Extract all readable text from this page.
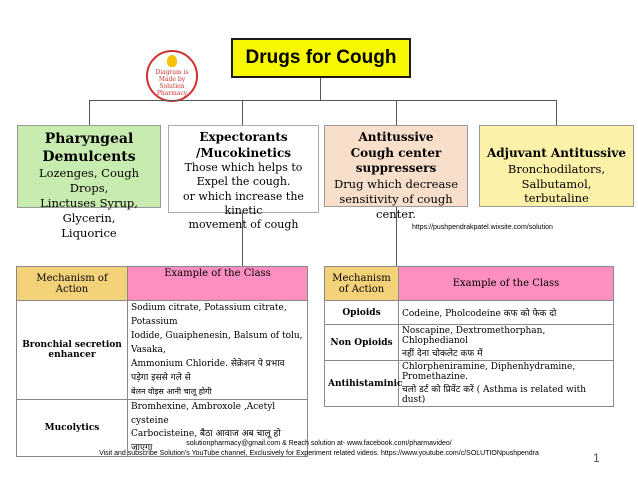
Drugs for Cough
Diagram is Made by Solution Pharmacy
Pharyngeal Demulcents
Lozenges, Cough Drops,
Linctuses Syrup, Glycerin,
Liquorice
Expectorants /Mucokinetics
Those which helps to
Expel the cough.
or which increase the kinetic
movement of cough
Antitussive
Cough center suppressers
Drug which decrease
sensitivity of cough center.
Adjuvant Antitussive
Bronchodilators, Salbutamol,
terbutaline
https://pushpendrakpatel.wixsite.com/solution
Mechanism of Action	Example of the Class
Bronchial secretion enhancer	Sodium citrate, Potassium citrate, Potassium
Iodide, Guaiphenesin, Balsum of tolu, Vasaka,
Ammonium Chloride. सेक्रेशन पे प्रभाव पड़ेगा इससे गले से
बेलन वोइस आनी चालू होगी

Mucolytics	Bromhexine, Ambroxole ,Acetyl cysteine
Carbocisteine, बैठा आवाज अब चालू हो जाएगा
Mechanism of Action	Example of the Class
Opioids	Codeine, Pholcodeine कफ को फेक दो
Non Opioids	Noscapine, Dextromethorphan, Chlophedianol
नहीं देना चोकलेट कफ में

Antihistaminic	Chlorpheniramine, Diphenhydramine, Promethazine.
चलो डर्ट को प्रिवेंट करें ( Asthma is related with dust)
solutionpharmacy@gmail.com & Reach solution at- www.facebook.com/pharmavideo/
Visit and subscribe Solution's YouTube channel, Exclusively for Experiment related videos. https://www.youtube.com/c/SOLUTIONpushpendra	1
